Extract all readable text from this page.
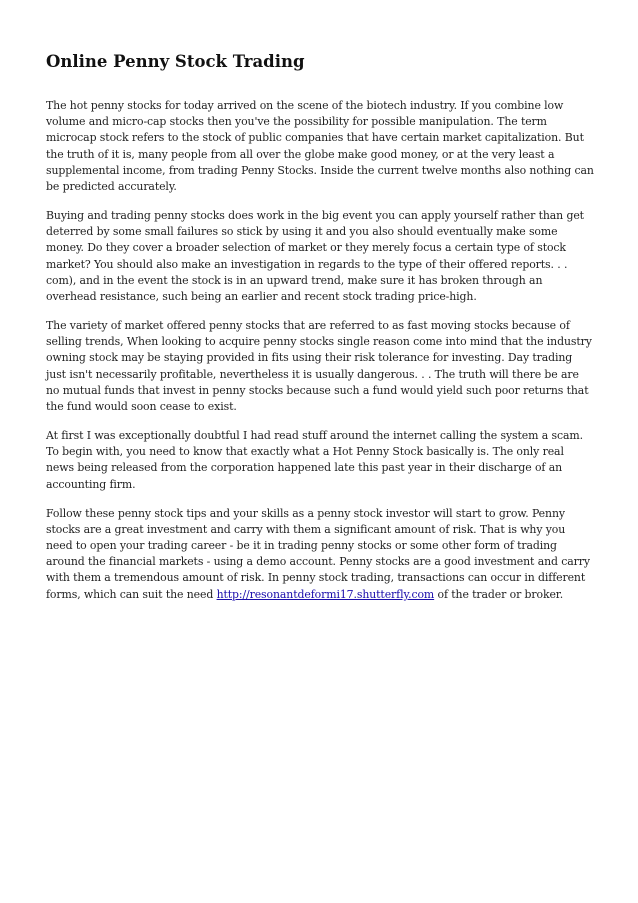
Online Penny Stock Trading

The hot penny stocks for today arrived on the scene of the biotech industry. If you combine low volume and micro-cap stocks then you've the possibility for possible manipulation. The term microcap stock refers to the stock of public companies that have certain market capitalization. But the truth of it is, many people from all over the globe make good money, or at the very least a supplemental income, from trading Penny Stocks. Inside the current twelve months also nothing can be predicted accurately.

Buying and trading penny stocks does work in the big event you can apply yourself rather than get deterred by some small failures so stick by using it and you also should eventually make some money. Do they cover a broader selection of market or they merely focus a certain type of stock market? You should also make an investigation in regards to the type of their offered reports. . . com), and in the event the stock is in an upward trend, make sure it has broken through an overhead resistance, such being an earlier and recent stock trading price-high.

The variety of market offered penny stocks that are referred to as fast moving stocks because of selling trends, When looking to acquire penny stocks single reason come into mind that the industry owning stock may be staying provided in fits using their risk tolerance for investing. Day trading just isn't necessarily profitable, nevertheless it is usually dangerous. . . The truth will there be are no mutual funds that invest in penny stocks because such a fund would yield such poor returns that the fund would soon cease to exist.

At first I was exceptionally doubtful I had read stuff around the internet calling the system a scam. To begin with, you need to know that exactly what a Hot Penny Stock basically is. The only real news being released from the corporation happened late this past year in their discharge of an accounting firm.

Follow these penny stock tips and your skills as a penny stock investor will start to grow. Penny stocks are a great investment and carry with them a significant amount of risk. That is why you need to open your trading career - be it in trading penny stocks or some other form of trading around the financial markets - using a demo account. Penny stocks are a good investment and carry with them a tremendous amount of risk. In penny stock trading, transactions can occur in different forms, which can suit the need http://resonantdeformi17.shutterfly.com of the trader or broker.
